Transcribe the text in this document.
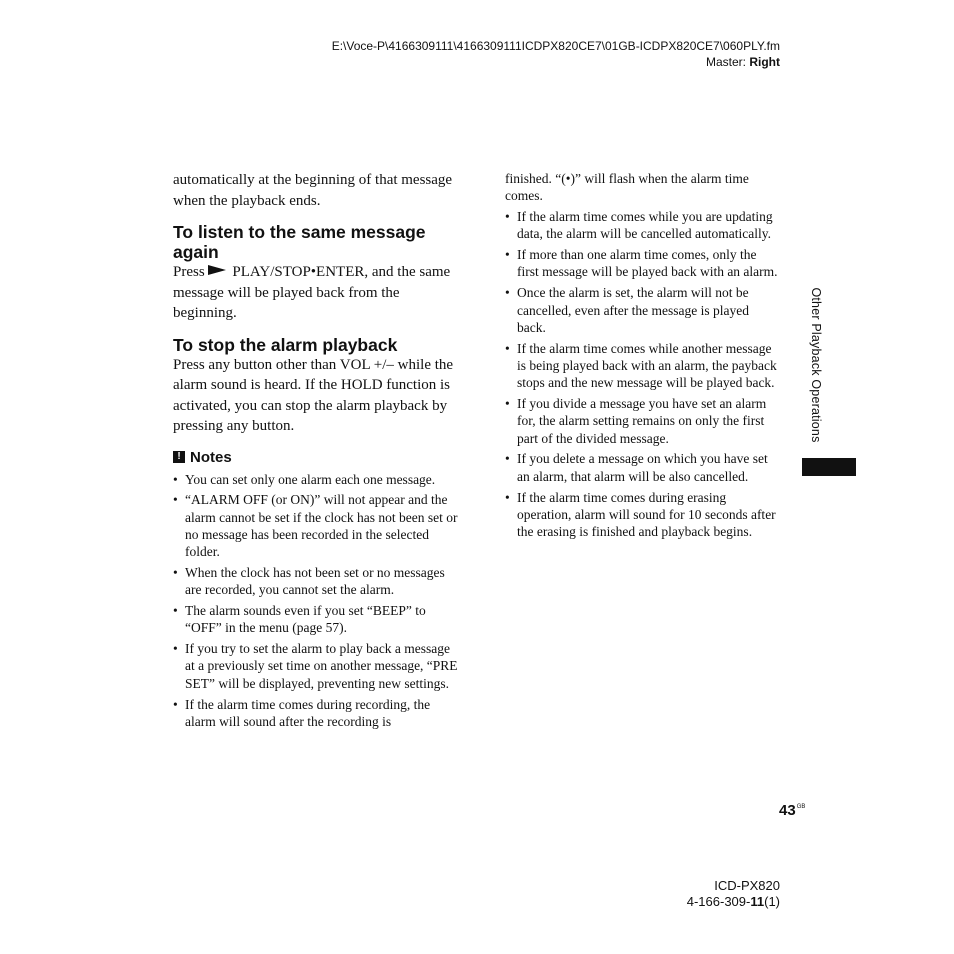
E:\Voce-P\4166309111\4166309111ICDPX820CE7\01GB-ICDPX820CE7\060PLY.fm
Master: Right

automatically at the beginning of that message when the playback ends.

To listen to the same message again

Press PLAY/STOP•ENTER, and the same message will be played back from the beginning.

To stop the alarm playback

Press any button other than VOL +/– while the alarm sound is heard. If the HOLD function is activated, you can stop the alarm playback by pressing any button.

! Notes
• You can set only one alarm each one message.
• “ALARM OFF (or ON)” will not appear and the alarm cannot be set if the clock has not been set or no message has been recorded in the selected folder.
• When the clock has not been set or no messages are recorded, you cannot set the alarm.
• The alarm sounds even if you set “BEEP” to “OFF” in the menu (page 57).
• If you try to set the alarm to play back a message at a previously set time on another message, “PRE SET” will be displayed, preventing new settings.
• If the alarm time comes during recording, the alarm will sound after the recording is

finished. “(•)” will flash when the alarm time comes.

• If the alarm time comes while you are updating data, the alarm will be cancelled automatically.
• If more than one alarm time comes, only the first message will be played back with an alarm.
• Once the alarm is set, the alarm will not be cancelled, even after the message is played back.
• If the alarm time comes while another message is being played back with an alarm, the payback stops and the new message will be played back.
• If you divide a message you have set an alarm for, the alarm setting remains on only the first part of the divided message.
• If you delete a message on which you have set an alarm, that alarm will be also cancelled.
• If the alarm time comes during erasing operation, alarm will sound for 10 seconds after the erasing is finished and playback begins.
Other Playback Operations
$43^{GB}$
ICD-PX820
4-166-309-11(1)
